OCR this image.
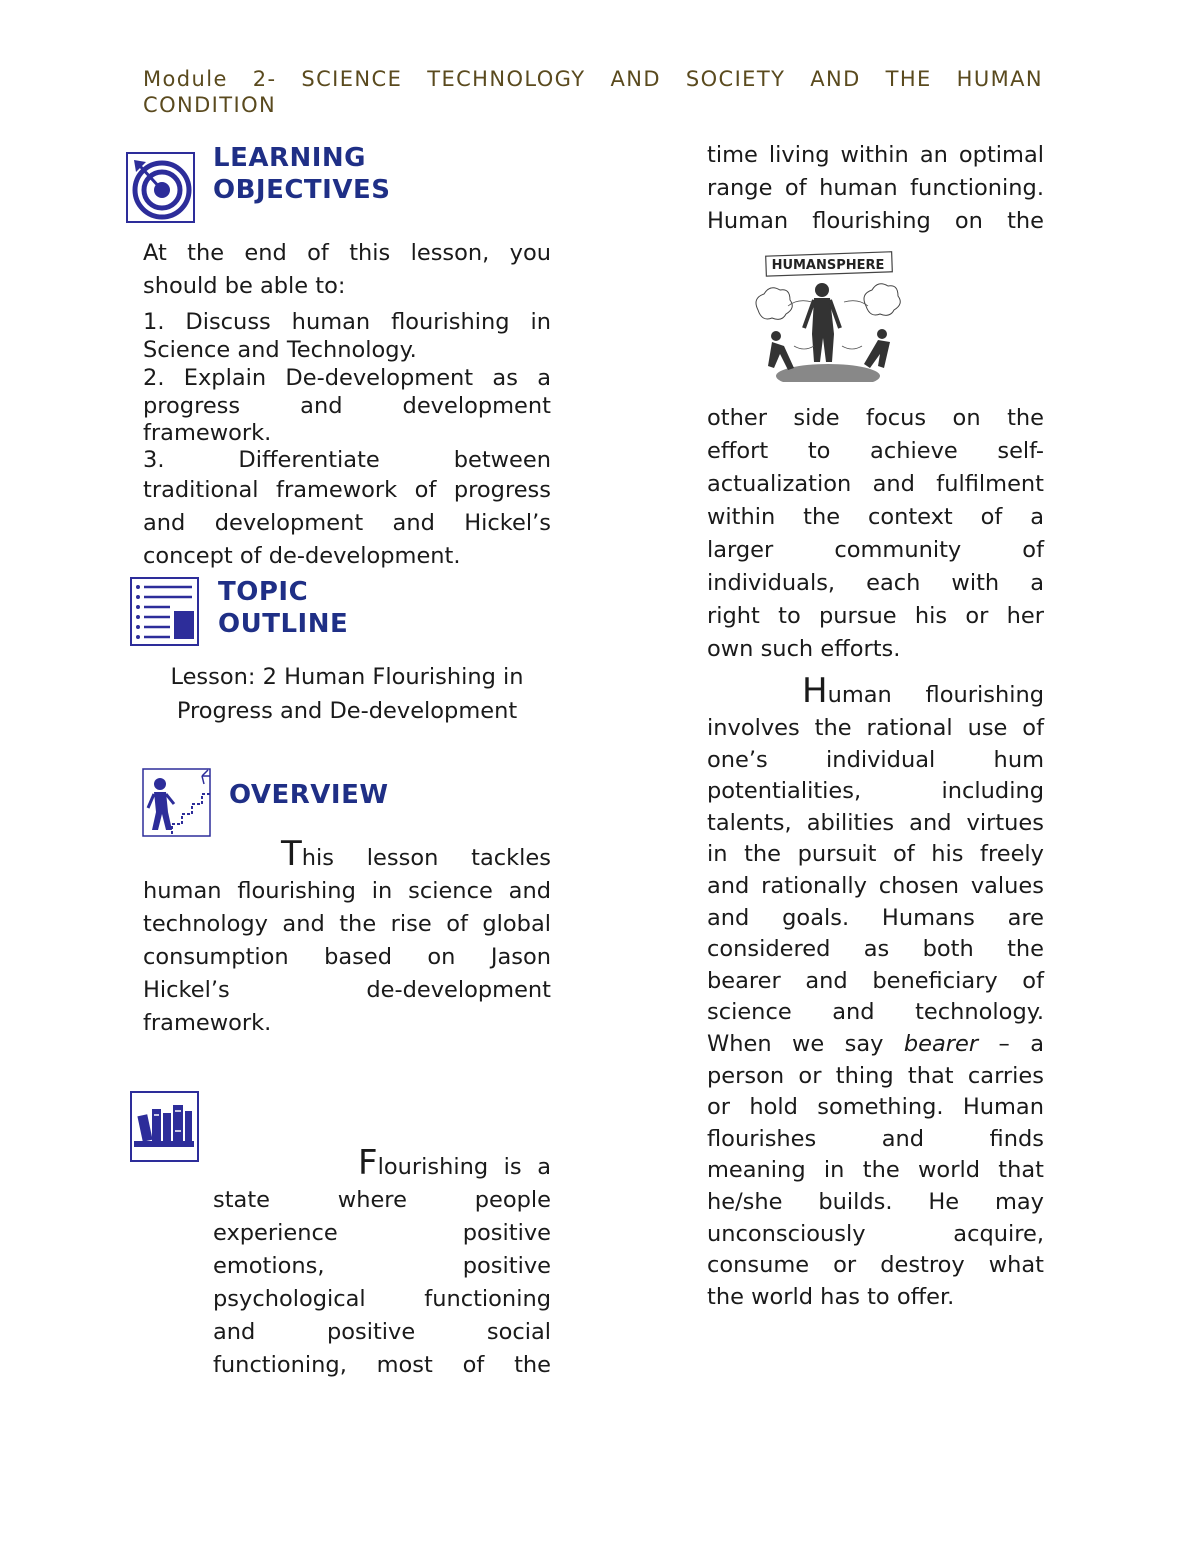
Module 2- SCIENCE TECHNOLOGY AND SOCIETY AND THE HUMAN
CONDITION
LEARNING
OBJECTIVES
At the end of this lesson, you
should be able to:
1. Discuss human flourishing in
Science and Technology.
2. Explain De-development as a
progress and development
framework.
3. Differentiate between
traditional framework of progress
and development and Hickel’s
concept of de-development.
TOPIC
OUTLINE
Lesson: 2 Human Flourishing in
Progress and De-development
OVERVIEW
This lesson tackles
human flourishing in science and
technology and the rise of global
consumption based on Jason
Hickel’s de-development
framework.
Flourishing is a
state where people
experience positive
emotions, positive
psychological functioning
and positive social
functioning, most of the
time living within an optimal
range of human functioning.
Human flourishing on the
HUMANSPHERE
other side focus on the
effort to achieve self-
actualization and fulfilment
within the context of a
larger community of
individuals, each with a
right to pursue his or her
own such efforts.
Human flourishing
involves the rational use of
one’s individual hum
potentialities, including
talents, abilities and virtues
in the pursuit of his freely
and rationally chosen values
and goals. Humans are
considered as both the
bearer and beneficiary of
science and technology.
When we say bearer – a
person or thing that carries
or hold something. Human
flourishes and finds
meaning in the world that
he/she builds. He may
unconsciously acquire,
consume or destroy what
the world has to offer.
